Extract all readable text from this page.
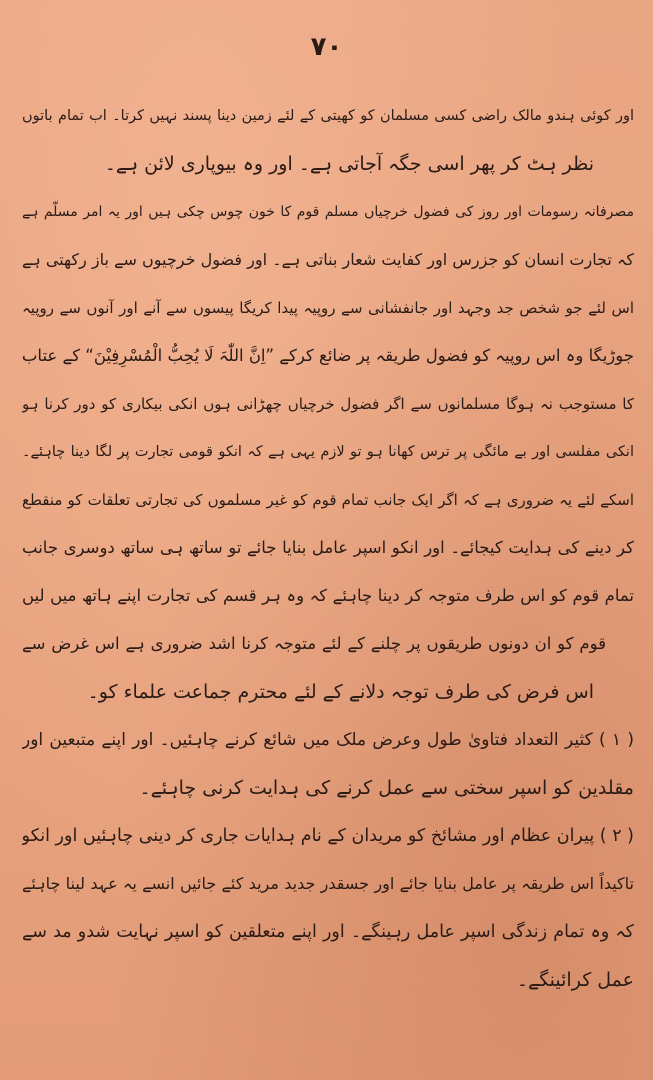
۷۰
اور کوئی ہندو مالک راضی کسی مسلمان کو کھیتی کے لئے زمین دینا پسند نہیں کرتا۔ اب تمام باتوں
نظر ہٹ کر پھر اسی جگہ آجاتی ہے۔ اور وہ بیوپاری لائن ہے۔
مصرفانہ رسومات اور روز کی فضول خرچیاں مسلم قوم کا خون چوس چکی ہیں اور یہ امر مسلّم ہے
کہ تجارت انسان کو جزرس اور کفایت شعار بناتی ہے۔ اور فضول خرچیوں سے باز رکھتی ہے
اس لئے جو شخص جد وجہد اور جانفشانی سے روپیہ پیدا کریگا پیسوں سے آنے اور آنوں سے روپیہ
جوڑیگا وہ اس روپیہ کو فضول طریقہ پر ضائع کرکے ”اِنَّ اللّٰہَ لَا یُحِبُّ الْمُسْرِفِیْنَ“ کے عتاب
کا مستوجب نہ ہوگا مسلمانوں سے اگر فضول خرچیاں چھڑانی ہوں انکی بیکاری کو دور کرنا ہو
انکی مفلسی اور بے مائگی پر ترس کھانا ہو تو لازم یہی ہے کہ انکو قومی تجارت پر لگا دینا چاہئے۔
اسکے لئے یہ ضروری ہے کہ اگر ایک جانب تمام قوم کو غیر مسلموں کی تجارتی تعلقات کو منقطع
کر دینے کی ہدایت کیجائے۔ اور انکو اسپر عامل بنایا جائے تو ساتھ ہی ساتھ دوسری جانب
تمام قوم کو اس طرف متوجہ کر دینا چاہئے کہ وہ ہر قسم کی تجارت اپنے ہاتھ میں لیں
قوم کو ان دونوں طریقوں پر چلنے کے لئے متوجہ کرنا اشد ضروری ہے اس غرض سے
اس فرض کی طرف توجہ دلانے کے لئے محترم جماعت علماء کو۔
( ۱ ) کثیر التعداد فتاویٰ طول وعرض ملک میں شائع کرنے چاہئیں۔ اور اپنے متبعین اور
مقلدین کو اسپر سختی سے عمل کرنے کی ہدایت کرنی چاہئے۔
( ۲ ) پیران عظام اور مشائخ کو مریدان کے نام ہدایات جاری کر دینی چاہئیں اور انکو
تاکیداً اس طریقہ پر عامل بنایا جائے اور جسقدر جدید مرید کئے جائیں انسے یہ عہد لینا چاہئے
کہ وہ تمام زندگی اسپر عامل رہینگے۔ اور اپنے متعلقین کو اسپر نہایت شدو مد سے
عمل کرائینگے۔
